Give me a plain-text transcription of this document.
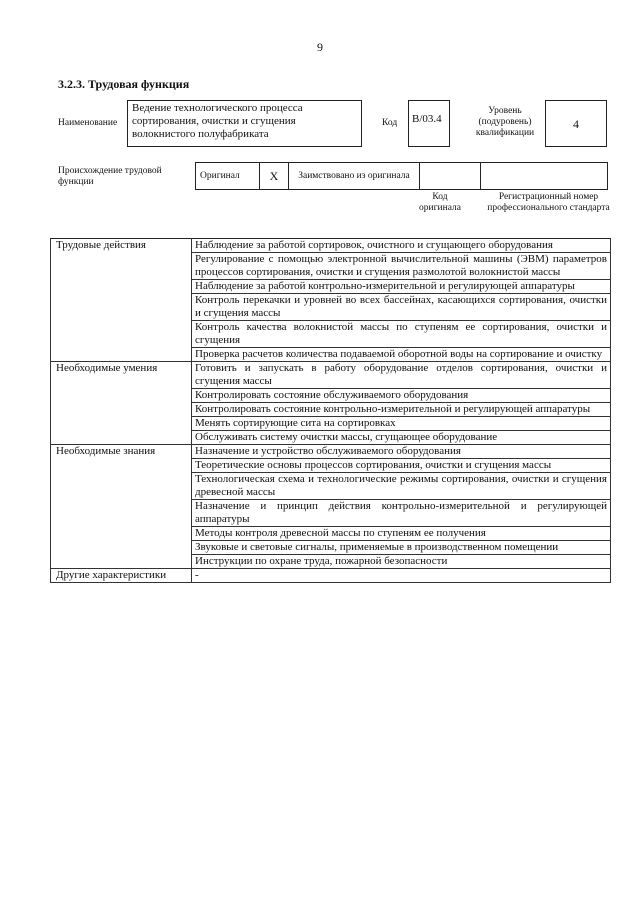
9
3.2.3. Трудовая функция
Наименование
Ведение технологического процесса сортирования, очистки и сгущения волокнистого полуфабриката
Код	В/03.4
Уровень (подуровень) квалификации
4
Происхождение трудовой функции
Оригинал	X	Заимствовано из оригинала		
Код оригинала
Регистрационный номер профессионального стандарта
Трудовые действия	Наблюдение за работой сортировок, очистного и сгущающего оборудования
	Регулирование с помощью электронной вычислительной машины (ЭВМ) параметров процессов сортирования, очистки и сгущения размолотой волокнистой массы
	Наблюдение за работой контрольно-измерительной и регулирующей аппаратуры
	Контроль перекачки и уровней во всех бассейнах, касающихся сортирования, очистки и сгущения массы
	Контроль качества волокнистой массы по ступеням ее сортирования, очистки и сгущения
	Проверка расчетов количества подаваемой оборотной воды на сортирование и очистку
Необходимые умения	Готовить и запускать в работу оборудование отделов сортирования, очистки и сгущения массы
	Контролировать состояние обслуживаемого оборудования
	Контролировать состояние контрольно-измерительной и регулирующей аппаратуры
	Менять сортирующие сита на сортировках
	Обслуживать систему очистки массы, сгущающее оборудование
Необходимые знания	Назначение и устройство обслуживаемого оборудования
	Теоретические основы процессов сортирования, очистки и сгущения массы
	Технологическая схема и технологические режимы сортирования, очистки и сгущения древесной массы
	Назначение и принцип действия контрольно-измерительной и регулирующей аппаратуры
	Методы контроля древесной массы по ступеням ее получения
	Звуковые и световые сигналы, применяемые в производственном помещении
	Инструкции по охране труда, пожарной безопасности
Другие характеристики	-
